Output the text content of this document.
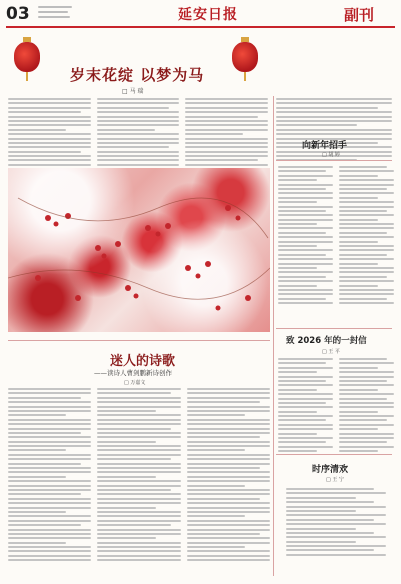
03	延安日报	副刊
岁末花绽 以梦为马
□ 马 瑞
向新年招手
□ 胡 婷
迷人的诗歌
——读诗人曹剑鹏新诗创作
□ 万嘉文
致 2026 年的一封信
□ 王 平
时序清欢
□ 王 宁
